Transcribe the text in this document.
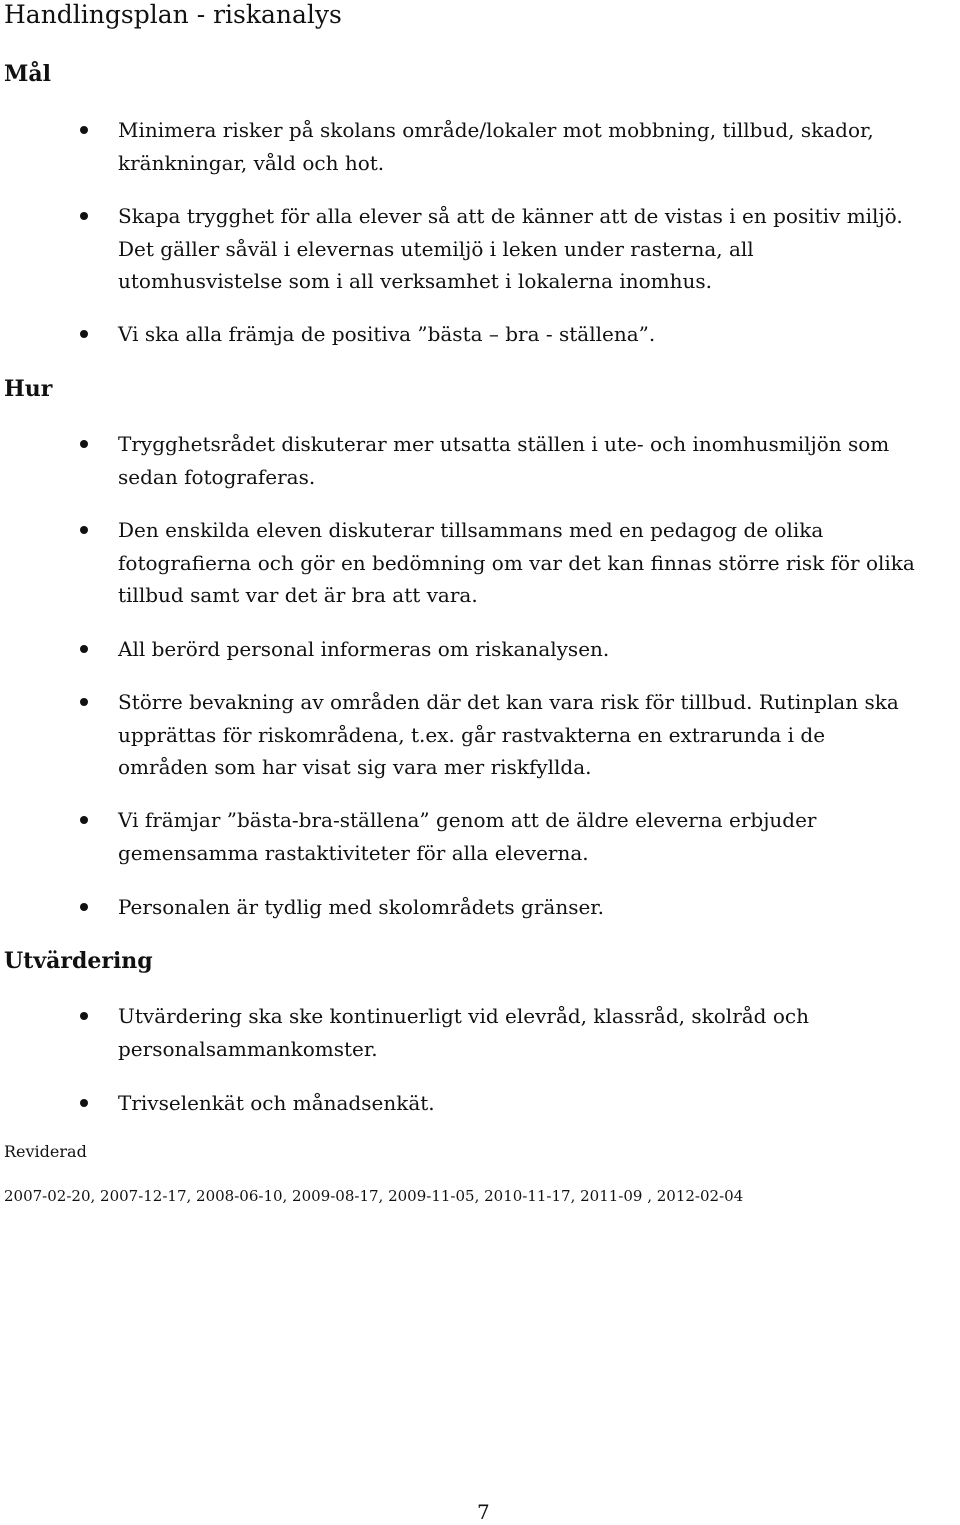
Handlingsplan - riskanalys
Mål
Minimera risker på skolans område/lokaler mot mobbning, tillbud, skador,
kränkningar, våld och hot.
Skapa trygghet för alla elever så att de känner att de vistas i en positiv miljö.
Det gäller såväl i elevernas utemiljö i leken under rasterna, all
utomhusvistelse som i all verksamhet i lokalerna inomhus.
Vi ska alla främja de positiva ”bästa – bra - ställena”.
Hur
Trygghetsrådet diskuterar mer utsatta ställen i ute- och inomhusmiljön som
sedan fotograferas.
Den enskilda eleven diskuterar tillsammans med en pedagog de olika
fotografierna och gör en bedömning om var det kan finnas större risk för olika
tillbud samt var det är bra att vara.
All berörd personal informeras om riskanalysen.
Större bevakning av områden där det kan vara risk för tillbud. Rutinplan ska
upprättas för riskområdena, t.ex. går rastvakterna en extrarunda i de
områden som har visat sig vara mer riskfyllda.
Vi främjar ”bästa-bra-ställena” genom att de äldre eleverna erbjuder
gemensamma rastaktiviteter för alla eleverna.
Personalen är tydlig med skolområdets gränser.
Utvärdering
Utvärdering ska ske kontinuerligt vid elevråd, klassråd, skolråd och
personalsammankomster.
Trivselenkät och månadsenkät.

Reviderad

2007-02-20, 2007-12-17, 2008-06-10, 2009-08-17, 2009-11-05, 2010-11-17, 2011-09 , 2012-02-04

7
